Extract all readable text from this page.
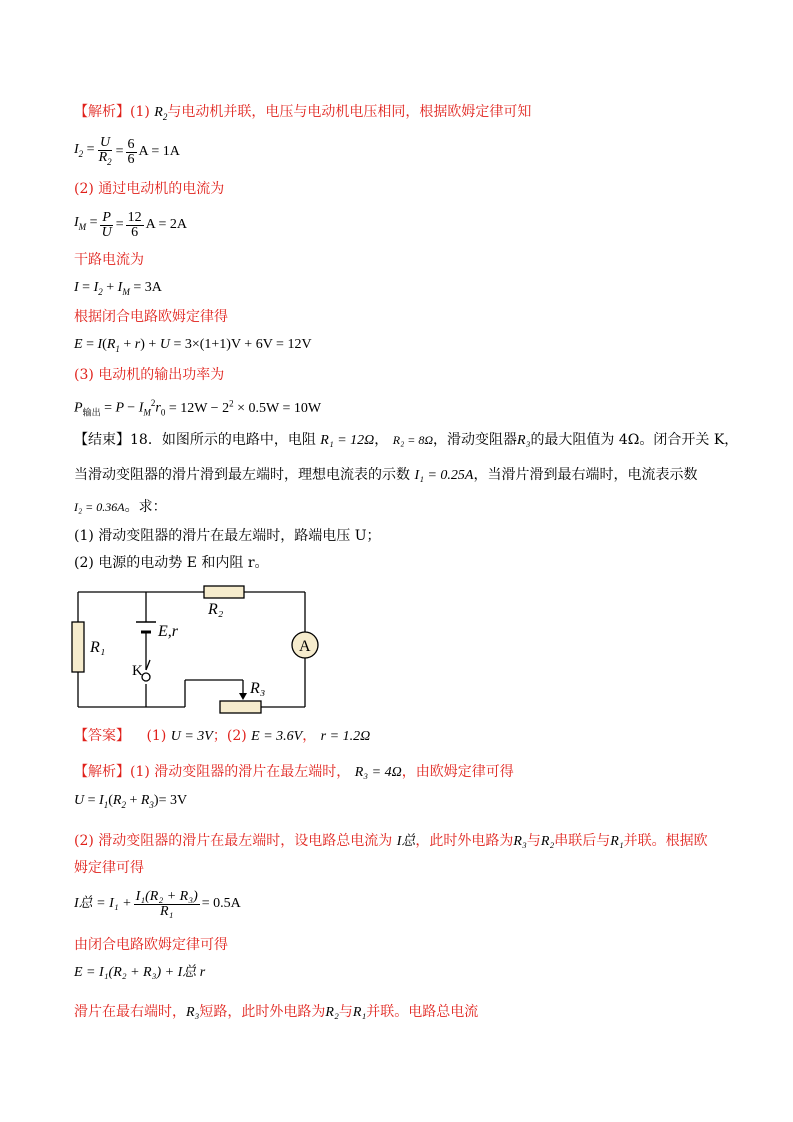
【解析】(1) $R_2$与电动机并联，电压与电动机电压相同，根据欧姆定律可知
$I_2 = \frac{U}{R_2} = \frac{6}{6}$ A = 1A
(2) 通过电动机的电流为
$I_M = \frac{P}{U} = \frac{12}{6}$ A = 2A
干路电流为
$I = I_2 + I_M = 3A$
根据闭合电路欧姆定律得
$E = I(R_1 + r) + U = 3\times(1+1)V + 6V = 12V$
(3) 电动机的输出功率为
$P_{输出} = P - I_M^2r_0 = 12W - 2^2 \times 0.5W = 10W$
【结束】18．如图所示的电路中，电阻 R₁ = 12Ω， R₂ = 8Ω，滑动变阻器R₃的最大阻值为 4Ω。闭合开关 K，
当滑动变阻器的滑片滑到最左端时，理想电流表的示数 I₁ = 0.25A，当滑片滑到最右端时，电流表示数
I₂ = 0.36A。求：
(1) 滑动变阻器的滑片在最左端时，路端电压 U；
(2) 电源的电动势 E 和内阻 r。
R₂
E,r
R₁
K
A
R₃
【答案】 (1) U = 3V；(2) E = 3.6V， r = 1.2Ω
【解析】(1) 滑动变阻器的滑片在最左端时， R₃ = 4Ω，由欧姆定律可得
$U = I_1(R_2 + R_3)= 3V$
(2) 滑动变阻器的滑片在最左端时，设电路总电流为 I总，此时外电路为R₃与R₂串联后与R₁并联。根据欧
姆定律可得
I总 = $I_1 + \frac{\text{I₁(R₂ + R₃)}}{\text{R₁}} = 0.5A$
由闭合电路欧姆定律可得
E = I₁(R₂ + R₃) + I总 r
滑片在最右端时，R₃短路，此时外电路为R₂与R₁并联。电路总电流
